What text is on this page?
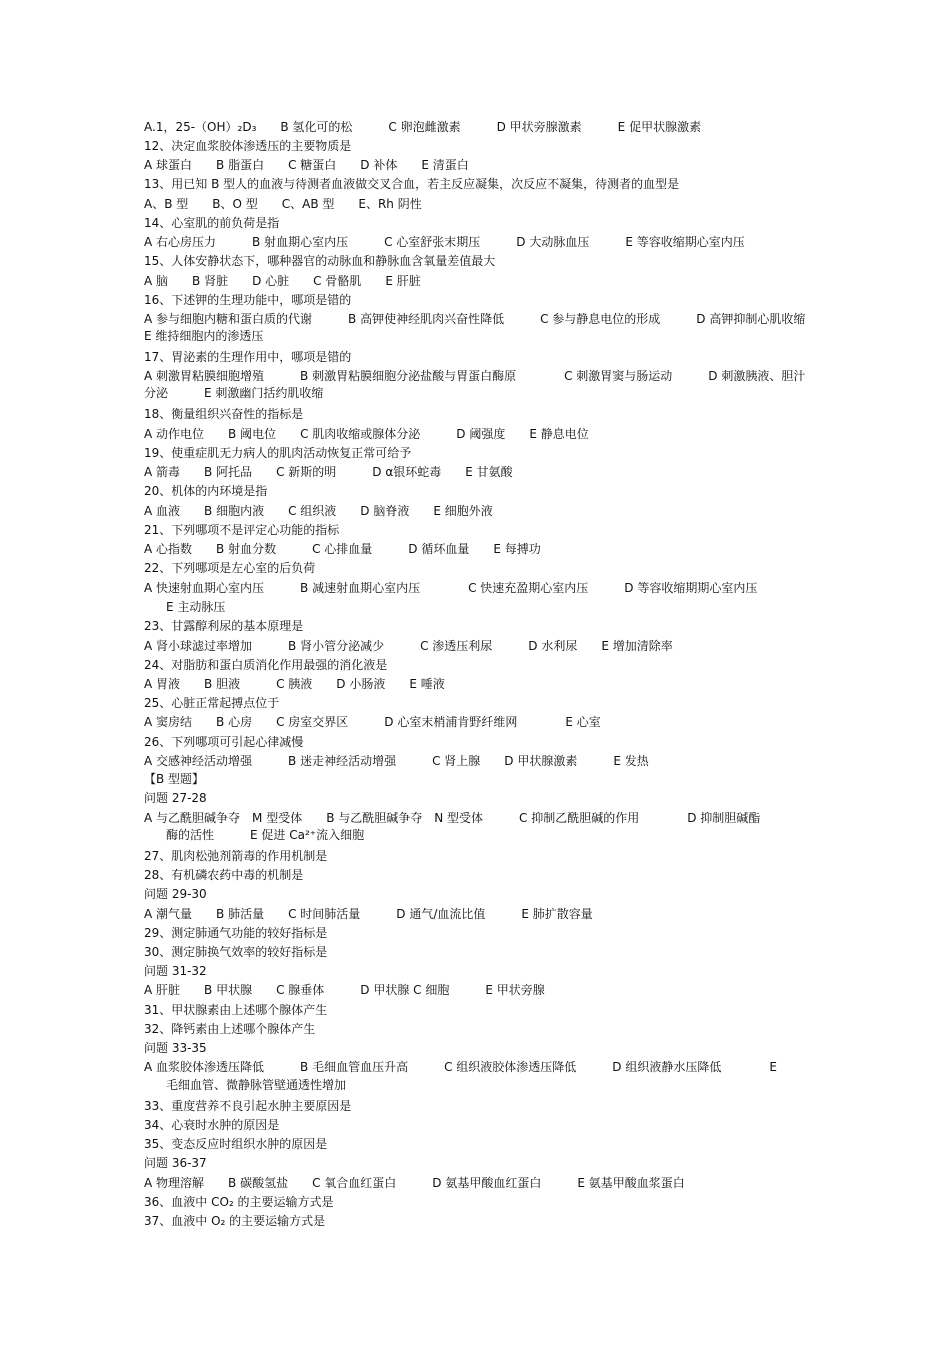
A.1，25-（OH）₂D₃　　B 氢化可的松　　　C 卵泡雌激素　　　D 甲状旁腺激素　　　E 促甲状腺激素
12、决定血浆胶体渗透压的主要物质是
A 球蛋白　　B 脂蛋白　　C 糖蛋白　　D 补体　　E 清蛋白
13、用已知 B 型人的血液与待测者血液做交叉合血，若主反应凝集，次反应不凝集，待测者的血型是
A、B 型　　B、O 型　　C、AB 型　　E、Rh 阴性
14、心室肌的前负荷是指
A 右心房压力　　　B 射血期心室内压　　　C 心室舒张末期压　　　D 大动脉血压　　　E 等容收缩期心室内压
15、人体安静状态下，哪种器官的动脉血和静脉血含氧量差值最大
A 脑　　B 肾脏　　D 心脏　　C 骨骼肌　　E 肝脏
16、下述钾的生理功能中，哪项是错的
A 参与细胞内糖和蛋白质的代谢　　　B 高钾使神经肌肉兴奋性降低　　　C 参与静息电位的形成　　　D 高钾抑制心肌收缩　　　E 维持细胞内的渗透压
17、胃泌素的生理作用中，哪项是错的
A 刺激胃粘膜细胞增殖　　　B 刺激胃粘膜细胞分泌盐酸与胃蛋白酶原　　　　C 刺激胃窦与肠运动　　　D 刺激胰液、胆汁分泌　　　E 刺激幽门括约肌收缩
18、衡量组织兴奋性的指标是
A 动作电位　　B 阈电位　　C 肌肉收缩或腺体分泌　　　D 阈强度　　E 静息电位
19、使重症肌无力病人的肌肉活动恢复正常可给予
A 箭毒　　B 阿托品　　C 新斯的明　　　D α银环蛇毒　　E 甘氨酸
20、机体的内环境是指
A 血液　　B 细胞内液　　C 组织液　　D 脑脊液　　E 细胞外液
21、下列哪项不是评定心功能的指标
A 心指数　　B 射血分数　　　C 心排血量　　　D 循环血量　　E 每搏功
22、下列哪项是左心室的后负荷
A 快速射血期心室内压　　　B 减速射血期心室内压　　　　C 快速充盈期心室内压　　　D 等容收缩期期心室内压
E 主动脉压
23、甘露醇利尿的基本原理是
A 肾小球滤过率增加　　　B 肾小管分泌减少　　　C 渗透压利尿　　　D 水利尿　　E 增加清除率
24、对脂肪和蛋白质消化作用最强的消化液是
A 胃液　　B 胆液　　　C 胰液　　D 小肠液　　E 唾液
25、心脏正常起搏点位于
A 窦房结　　B 心房　　C 房室交界区　　　D 心室末梢浦肯野纤维网　　　　E 心室
26、下列哪项可引起心律减慢
A 交感神经活动增强　　　B 迷走神经活动增强　　　C 肾上腺　　D 甲状腺激素　　　E 发热
【B 型题】
问题 27-28
A 与乙酰胆碱争夺　M 型受体　　B 与乙酰胆碱争夺　N 型受体　　　C 抑制乙酰胆碱的作用　　　　D 抑制胆碱酯
酶的活性　　　E 促进 Ca²⁺流入细胞
27、肌肉松弛剂箭毒的作用机制是
28、有机磷农药中毒的机制是
问题 29-30
A 潮气量　　B 肺活量　　C 时间肺活量　　　D 通气/血流比值　　　E 肺扩散容量
29、测定肺通气功能的较好指标是
30、测定肺换气效率的较好指标是
问题 31-32
A 肝脏　　B 甲状腺　　C 腺垂体　　　D 甲状腺 C 细胞　　　E 甲状旁腺
31、甲状腺素由上述哪个腺体产生
32、降钙素由上述哪个腺体产生
问题 33-35
A 血浆胶体渗透压降低　　　B 毛细血管血压升高　　　C 组织液胶体渗透压降低　　　D 组织液静水压降低　　　　E
毛细血管、微静脉管壁通透性增加
33、重度营养不良引起水肿主要原因是
34、心衰时水肿的原因是
35、变态反应时组织水肿的原因是
问题 36-37
A 物理溶解　　B 碳酸氢盐　　C 氧合血红蛋白　　　D 氨基甲酸血红蛋白　　　E 氨基甲酸血浆蛋白
36、血液中 CO₂ 的主要运输方式是
37、血液中 O₂ 的主要运输方式是
